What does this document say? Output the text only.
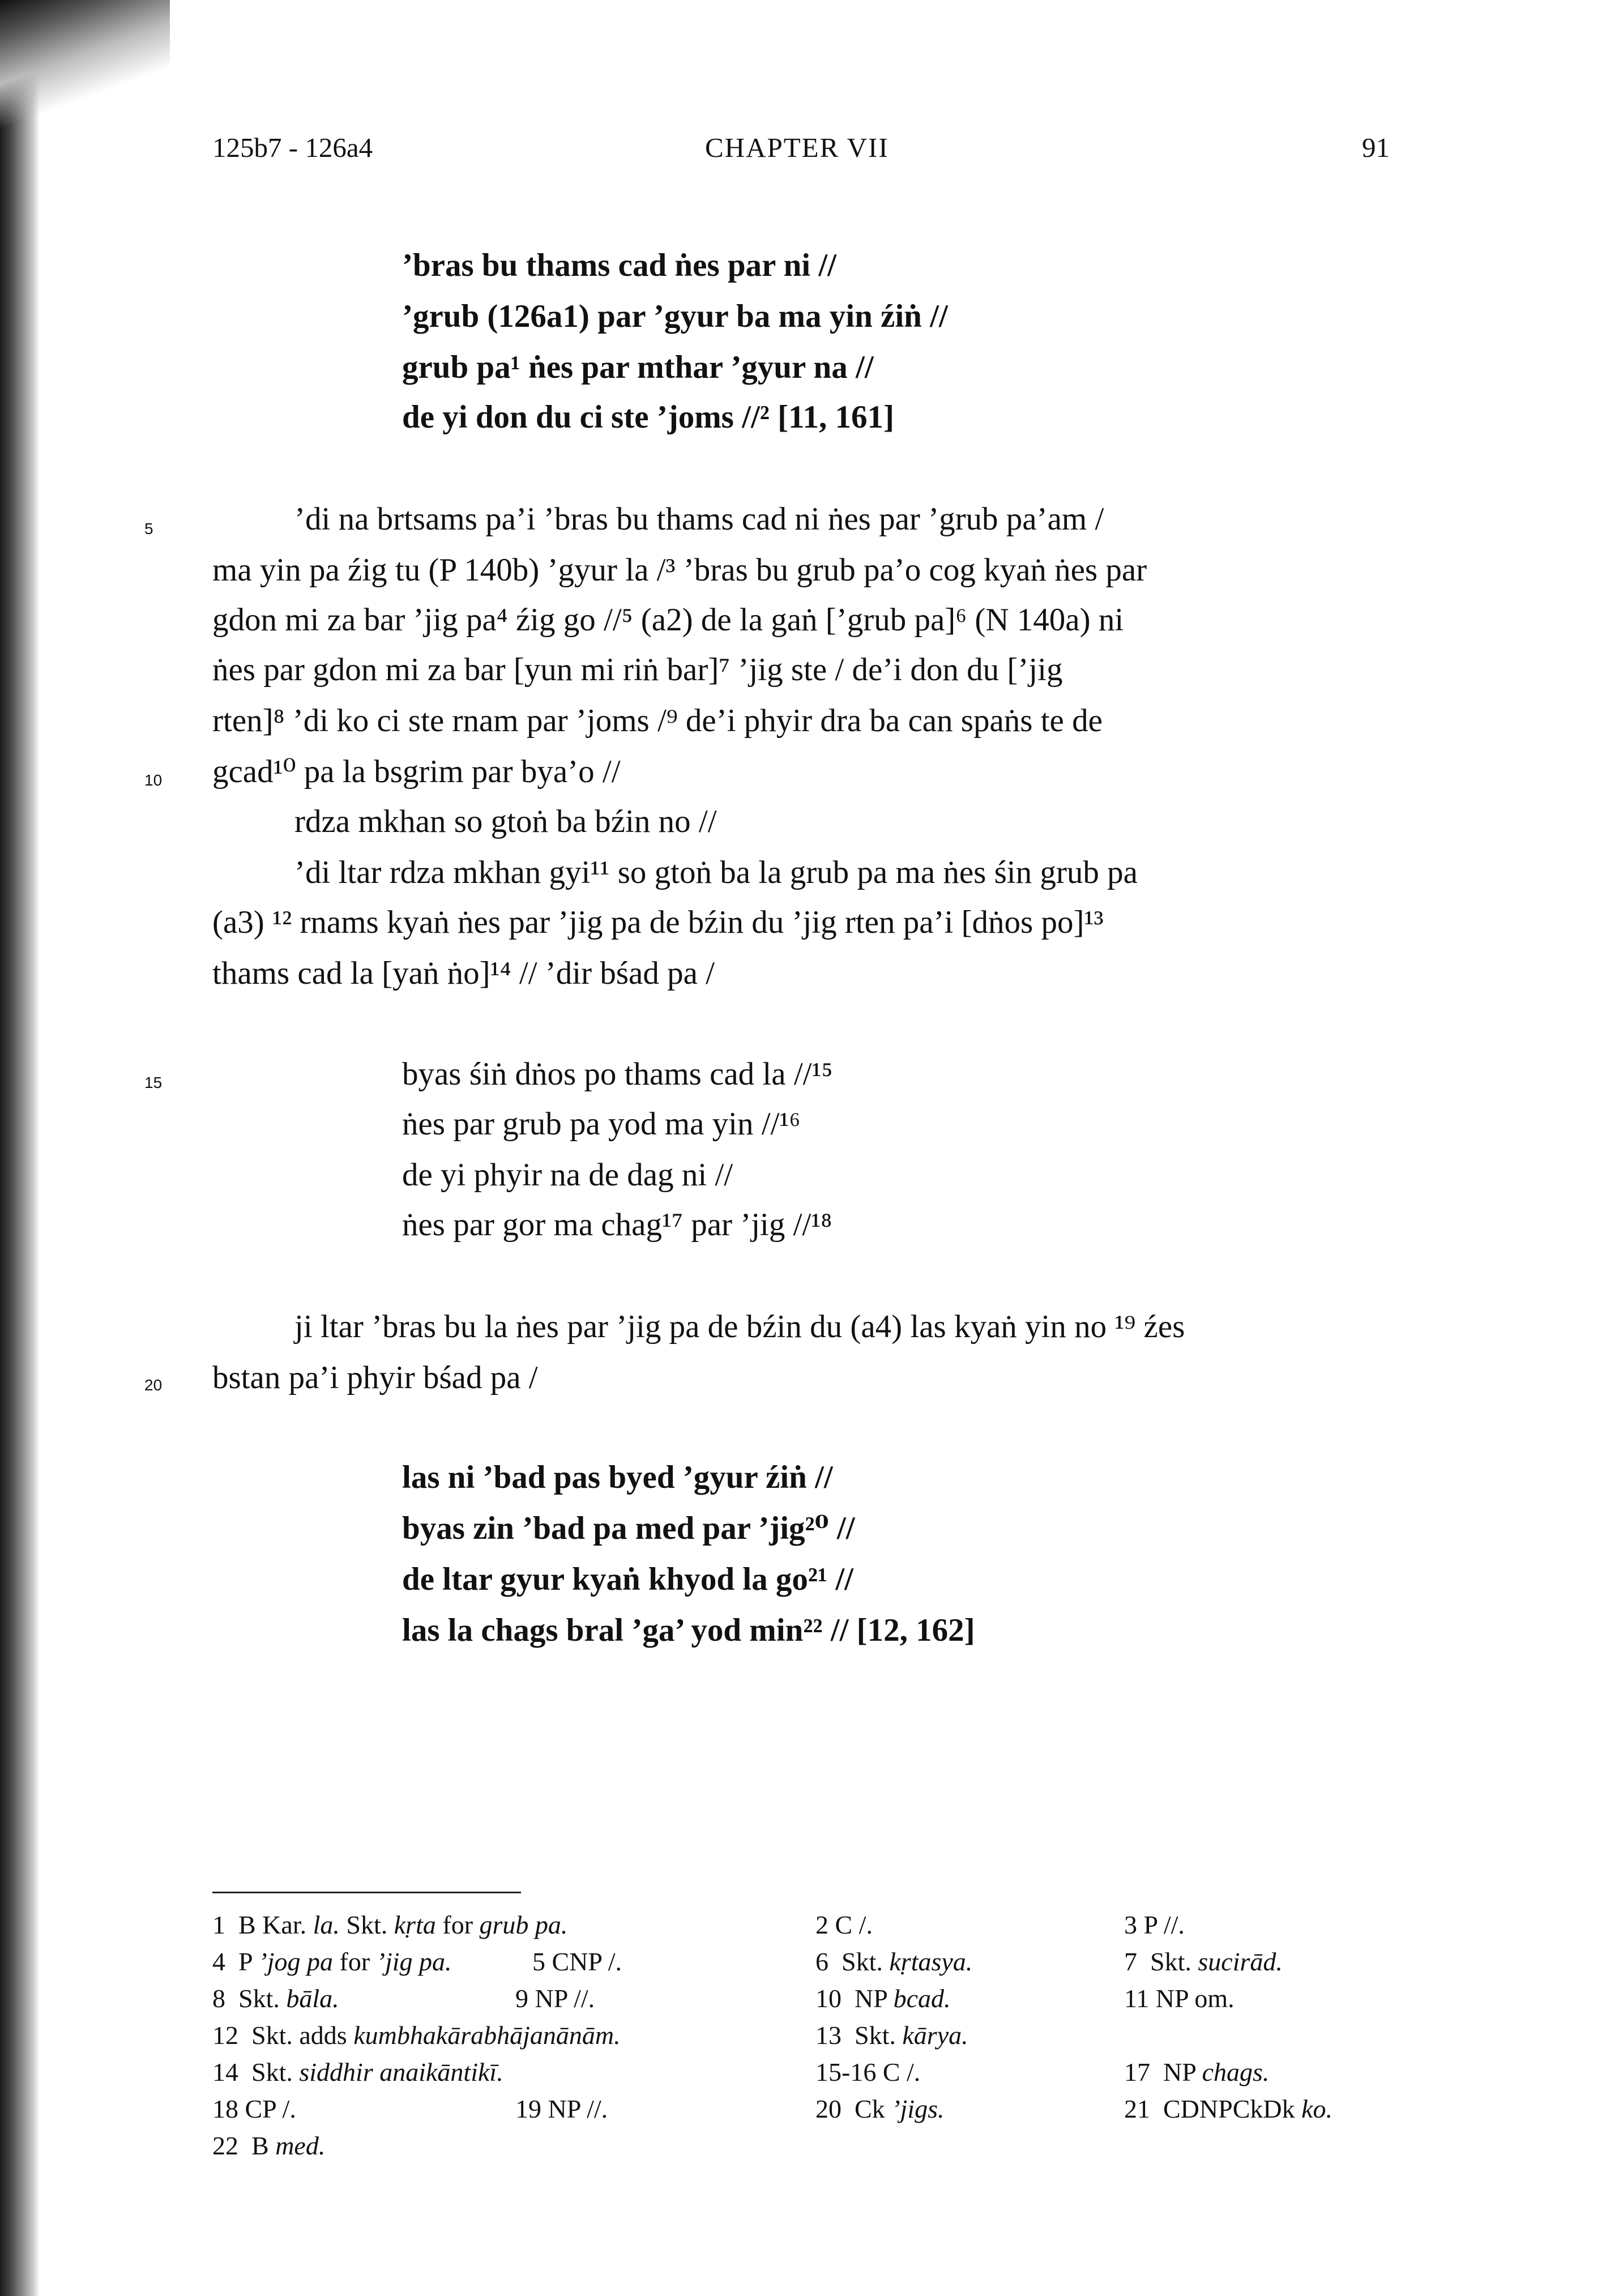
125b7 - 126a4	CHAPTER VII	91
’bras bu thams cad ṅes par ni //
’grub (126a1) par ’gyur ba ma yin źiṅ //
grub pa¹ ṅes par mthar ’gyur na //
de yi don du ci ste ’joms //² [11, 161]
’di na brtsams pa’i ’bras bu thams cad ni ṅes par ’grub pa’am /
ma yin pa źig tu (P 140b) ’gyur la /³ ’bras bu grub pa’o cog kyaṅ ṅes par
gdon mi za bar ’jig pa⁴ źig go //⁵ (a2) de la gaṅ [’grub pa]⁶ (N 140a) ni
ṅes par gdon mi za bar [yun mi riṅ bar]⁷ ’jig ste / de’i don du [’jig
rten]⁸ ’di ko ci ste rnam par ’joms /⁹ de’i phyir dra ba can spaṅs te de
gcad¹⁰ pa la bsgrim par bya’o //
rdza mkhan so gtoṅ ba bźin no //
’di ltar rdza mkhan gyi¹¹ so gtoṅ ba la grub pa ma ṅes śin grub pa
(a3) ¹² rnams kyaṅ ṅes par ’jig pa de bźin du ’jig rten pa’i [dṅos po]¹³
thams cad la [yaṅ ṅo]¹⁴ // ’dir bśad pa /
byas śiṅ dṅos po thams cad la //¹⁵
ṅes par grub pa yod ma yin //¹⁶
de yi phyir na de dag ni //
ṅes par gor ma chag¹⁷ par ’jig //¹⁸
ji ltar ’bras bu la ṅes par ’jig pa de bźin du (a4) las kyaṅ yin no ¹⁹ źes
bstan pa’i phyir bśad pa /
las ni ’bad pas byed ’gyur źiṅ //
byas zin ’bad pa med par ’jig²⁰ //
de ltar gyur kyaṅ khyod la go²¹ //
las la chags bral ’ga’ yod min²² // [12, 162]
5
10
15
20
1 B Kar. la. Skt. kṛta for grub pa.	2 C /.	3 P //.
4 P ’jog pa for ’jig pa.	5 CNP /.	6 Skt. kṛtasya.	7 Skt. sucirād.
8 Skt. bāla.	9 NP //.	10 NP bcad.	11 NP om.
12 Skt. adds kumbhakārabhājanānām.	13 Skt. kārya.
14 Skt. siddhir anaikāntikī.	15-16 C /.	17 NP chags.
18 CP /.	19 NP //.	20 Ck ’jigs.	21 CDNPCkDk ko.
22 B med.
